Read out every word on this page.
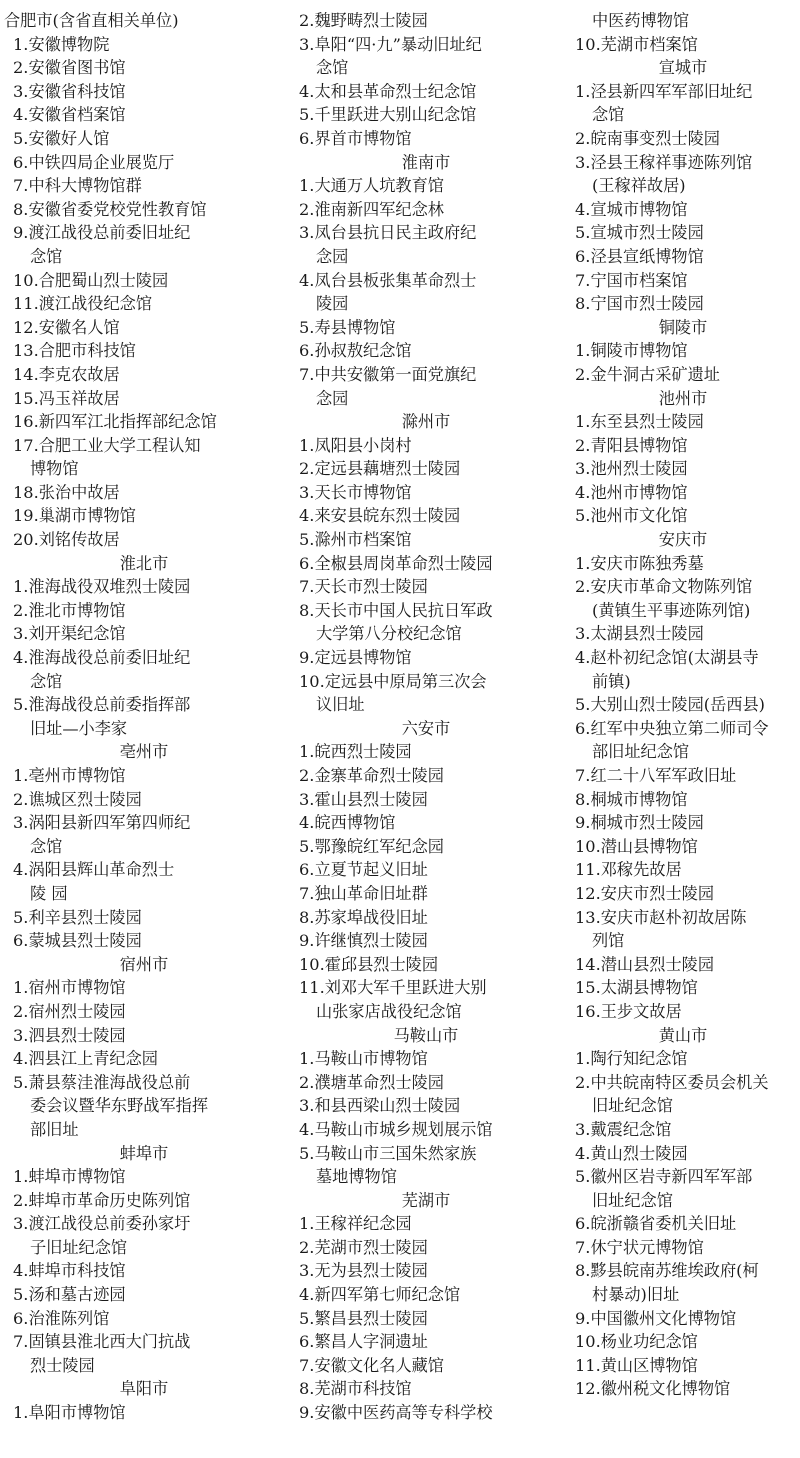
合肥市(含省直相关单位)
1.安徽博物院
2.安徽省图书馆
3.安徽省科技馆
4.安徽省档案馆
5.安徽好人馆
6.中铁四局企业展览厅
7.中科大博物馆群
8.安徽省委党校党性教育馆
9.渡江战役总前委旧址纪
念馆
10.合肥蜀山烈士陵园
11.渡江战役纪念馆
12.安徽名人馆
13.合肥市科技馆
14.李克农故居
15.冯玉祥故居
16.新四军江北指挥部纪念馆
17.合肥工业大学工程认知
博物馆
18.张治中故居
19.巢湖市博物馆
20.刘铭传故居
淮北市
1.淮海战役双堆烈士陵园
2.淮北市博物馆
3.刘开渠纪念馆
4.淮海战役总前委旧址纪
念馆
5.淮海战役总前委指挥部
旧址—小李家
亳州市
1.亳州市博物馆
2.谯城区烈士陵园
3.涡阳县新四军第四师纪
念馆
4.涡阳县辉山革命烈士
陵 园
5.利辛县烈士陵园
6.蒙城县烈士陵园
宿州市
1.宿州市博物馆
2.宿州烈士陵园
3.泗县烈士陵园
4.泗县江上青纪念园
5.萧县蔡洼淮海战役总前
委会议暨华东野战军指挥
部旧址
蚌埠市
1.蚌埠市博物馆
2.蚌埠市革命历史陈列馆
3.渡江战役总前委孙家圩
子旧址纪念馆
4.蚌埠市科技馆
5.汤和墓古迹园
6.治淮陈列馆
7.固镇县淮北西大门抗战
烈士陵园
阜阳市
1.阜阳市博物馆
2.魏野畴烈士陵园
3.阜阳“四·九”暴动旧址纪
念馆
4.太和县革命烈士纪念馆
5.千里跃进大别山纪念馆
6.界首市博物馆
淮南市
1.大通万人坑教育馆
2.淮南新四军纪念林
3.凤台县抗日民主政府纪
念园
4.凤台县板张集革命烈士
陵园
5.寿县博物馆
6.孙叔敖纪念馆
7.中共安徽第一面党旗纪
念园
滁州市
1.凤阳县小岗村
2.定远县藕塘烈士陵园
3.天长市博物馆
4.来安县皖东烈士陵园
5.滁州市档案馆
6.全椒县周岗革命烈士陵园
7.天长市烈士陵园
8.天长市中国人民抗日军政
大学第八分校纪念馆
9.定远县博物馆
10.定远县中原局第三次会
议旧址
六安市
1.皖西烈士陵园
2.金寨革命烈士陵园
3.霍山县烈士陵园
4.皖西博物馆
5.鄂豫皖红军纪念园
6.立夏节起义旧址
7.独山革命旧址群
8.苏家埠战役旧址
9.许继慎烈士陵园
10.霍邱县烈士陵园
11.刘邓大军千里跃进大别
山张家店战役纪念馆
马鞍山市
1.马鞍山市博物馆
2.濮塘革命烈士陵园
3.和县西梁山烈士陵园
4.马鞍山市城乡规划展示馆
5.马鞍山市三国朱然家族
墓地博物馆
芜湖市
1.王稼祥纪念园
2.芜湖市烈士陵园
3.无为县烈士陵园
4.新四军第七师纪念馆
5.繁昌县烈士陵园
6.繁昌人字洞遗址
7.安徽文化名人藏馆
8.芜湖市科技馆
9.安徽中医药高等专科学校
中医药博物馆
10.芜湖市档案馆
宣城市
1.泾县新四军军部旧址纪
念馆
2.皖南事变烈士陵园
3.泾县王稼祥事迹陈列馆
(王稼祥故居)
4.宣城市博物馆
5.宣城市烈士陵园
6.泾县宣纸博物馆
7.宁国市档案馆
8.宁国市烈士陵园
铜陵市
1.铜陵市博物馆
2.金牛洞古采矿遗址
池州市
1.东至县烈士陵园
2.青阳县博物馆
3.池州烈士陵园
4.池州市博物馆
5.池州市文化馆
安庆市
1.安庆市陈独秀墓
2.安庆市革命文物陈列馆
(黄镇生平事迹陈列馆)
3.太湖县烈士陵园
4.赵朴初纪念馆(太湖县寺
前镇)
5.大别山烈士陵园(岳西县)
6.红军中央独立第二师司令
部旧址纪念馆
7.红二十八军军政旧址
8.桐城市博物馆
9.桐城市烈士陵园
10.潜山县博物馆
11.邓稼先故居
12.安庆市烈士陵园
13.安庆市赵朴初故居陈
列馆
14.潜山县烈士陵园
15.太湖县博物馆
16.王步文故居
黄山市
1.陶行知纪念馆
2.中共皖南特区委员会机关
旧址纪念馆
3.戴震纪念馆
4.黄山烈士陵园
5.徽州区岩寺新四军军部
旧址纪念馆
6.皖浙赣省委机关旧址
7.休宁状元博物馆
8.黟县皖南苏维埃政府(柯
村暴动)旧址
9.中国徽州文化博物馆
10.杨业功纪念馆
11.黄山区博物馆
12.徽州税文化博物馆
